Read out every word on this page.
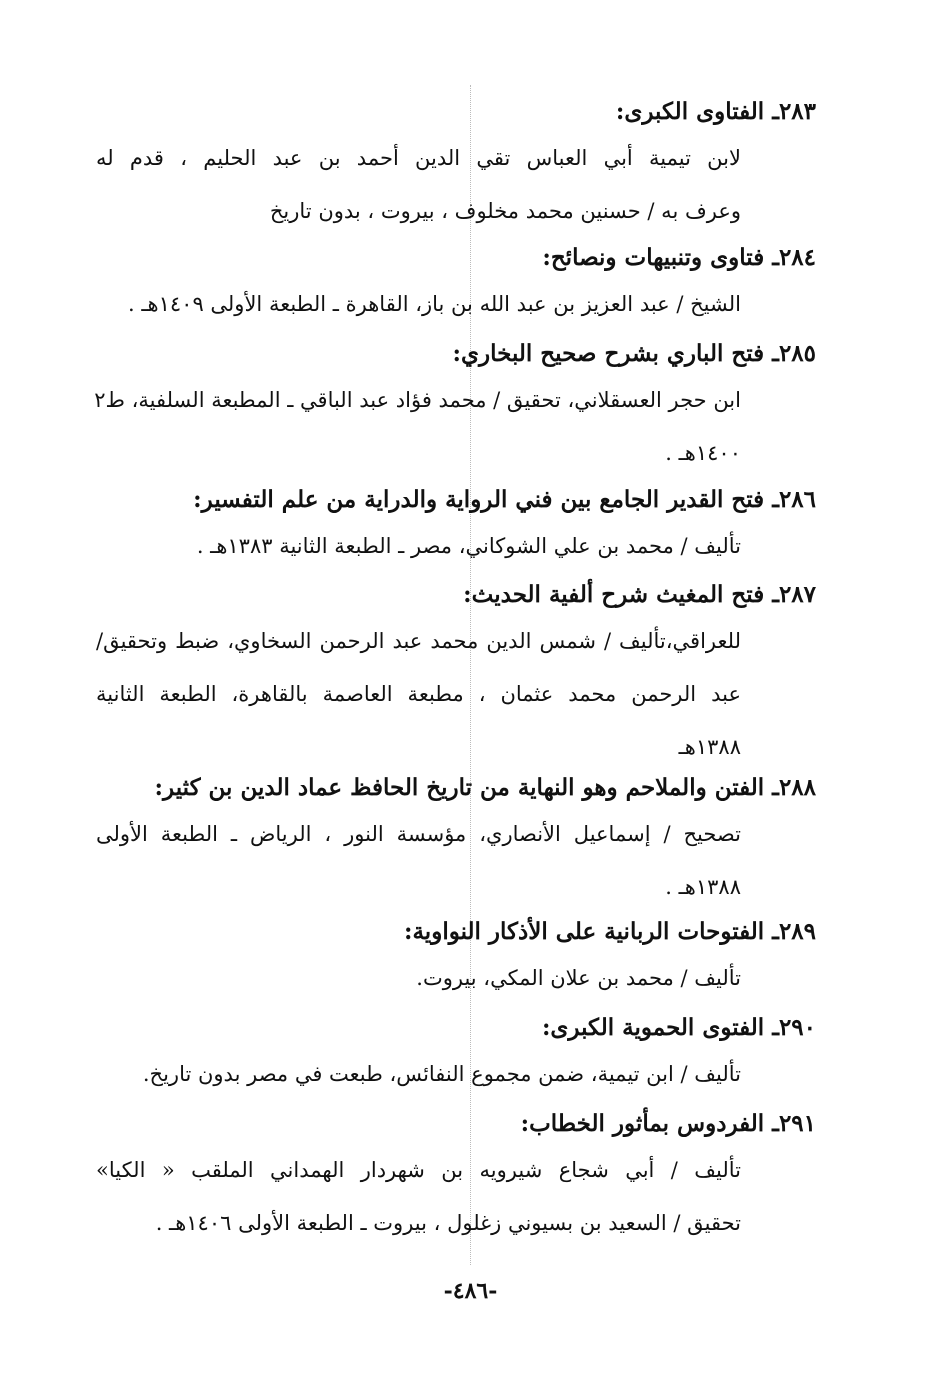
٢٨٣ـ الفتاوى الكبرى:
لابن تيمية أبي العباس تقي الدين أحمد بن عبد الحليم ، قدم له
وعرف به / حسنين محمد مخلوف ، بيروت ، بدون تاريخ
٢٨٤ـ فتاوى وتنبيهات ونصائح:
الشيخ / عبد العزيز بن عبد الله بن باز، القاهرة ـ الطبعة الأولى ١٤٠٩هـ .
٢٨٥ـ فتح الباري بشرح صحيح البخاري:
ابن حجر العسقلاني، تحقيق / محمد فؤاد عبد الباقي ـ المطبعة السلفية، ط٢
١٤٠٠هـ .
٢٨٦ـ فتح القدير الجامع بين فني الرواية والدراية من علم التفسير:
تأليف / محمد بن علي الشوكاني، مصر ـ الطبعة الثانية ١٣٨٣هـ .
٢٨٧ـ فتح المغيث شرح ألفية الحديث:
للعراقي،تأليف / شمس الدين محمد عبد الرحمن السخاوي، ضبط وتحقيق/
عبد الرحمن محمد عثمان ، مطبعة العاصمة بالقاهرة، الطبعة الثانية
١٣٨٨هـ
٢٨٨ـ الفتن والملاحم وهو النهاية من تاريخ الحافظ عماد الدين بن كثير:
تصحيح / إسماعيل الأنصاري، مؤسسة النور ، الرياض ـ الطبعة الأولى
١٣٨٨هـ .
٢٨٩ـ الفتوحات الربانية على الأذكار النواوية:
تأليف / محمد بن علان المكي، بيروت.
٢٩٠ـ الفتوى الحموية الكبرى:
تأليف / ابن تيمية، ضمن مجموع النفائس، طبعت في مصر بدون تاريخ.
٢٩١ـ الفردوس بمأثور الخطاب:
تأليف / أبي شجاع شيرويه بن شهردار الهمداني الملقب « الكيا»
تحقيق / السعيد بن بسيوني زغلول ، بيروت ـ الطبعة الأولى ١٤٠٦هـ .
-٤٨٦-
